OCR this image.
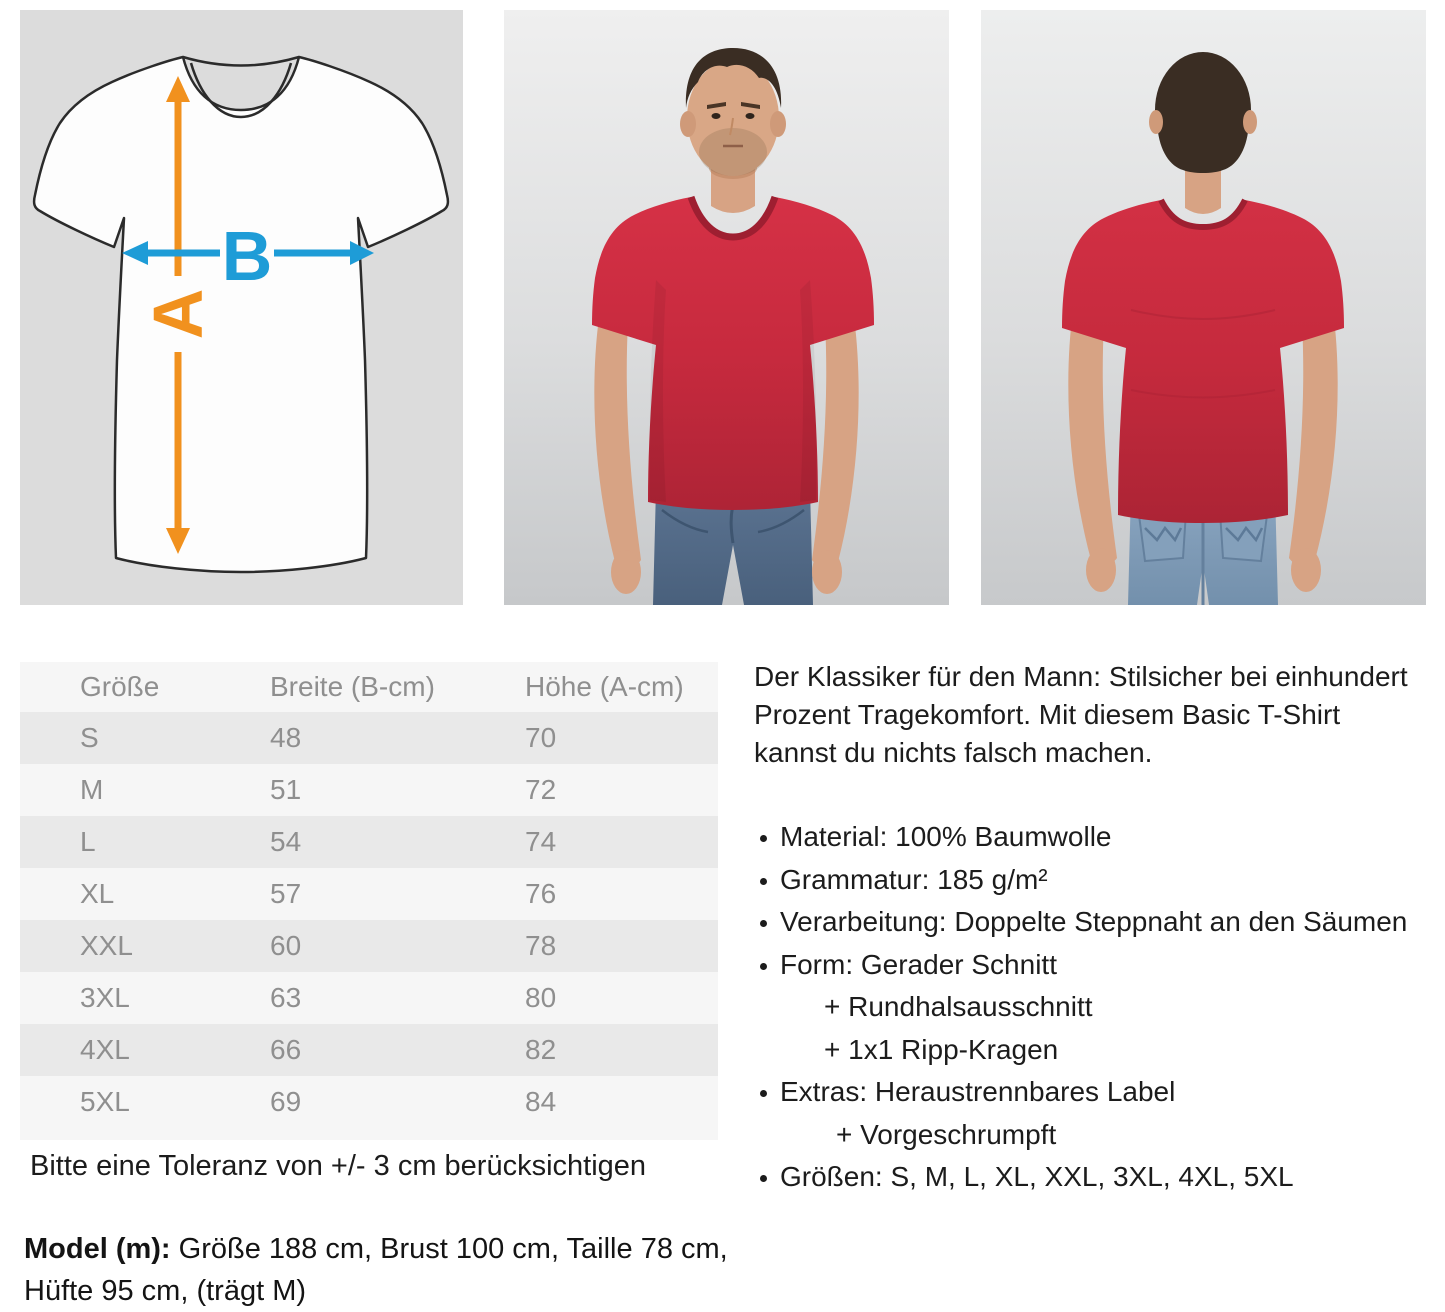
A
B
Größe	Breite (B-cm)	Höhe (A-cm)
S	48	70
M	51	72
L	54	74
XL	57	76
XXL	60	78
3XL	63	80
4XL	66	82
5XL	69	84
Bitte eine Toleranz von +/- 3 cm berücksichtigen
Model (m): Größe 188 cm, Brust 100 cm, Taille 78 cm,
Hüfte 95 cm, (trägt M)
Der Klassiker für den Mann: Stilsicher bei einhundert
Prozent Tragekomfort. Mit diesem Basic T-Shirt
kannst du nichts falsch machen.
Material: 100% Baumwolle
Grammatur: 185 g/m²
Verarbeitung: Doppelte Steppnaht an den Säumen
Form: Gerader Schnitt
+ Rundhalsausschnitt
+ 1x1 Ripp-Kragen
Extras: Heraustrennbares Label
+ Vorgeschrumpft
Größen: S, M, L, XL, XXL, 3XL, 4XL, 5XL
